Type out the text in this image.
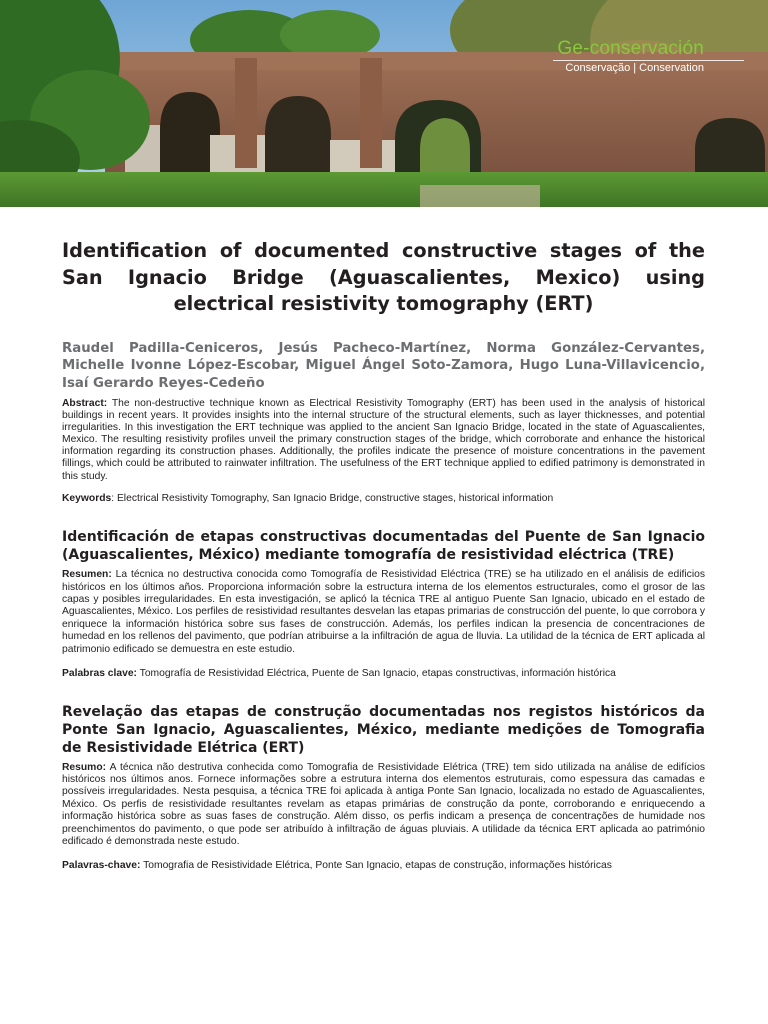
Ge-conservación
Conservação | Conservation
Identification of documented constructive stages of the San Ignacio Bridge (Aguascalientes, Mexico) using electrical resistivity tomography (ERT)
Raudel Padilla-Ceniceros, Jesús Pacheco-Martínez, Norma González-Cervantes, Michelle Ivonne López-Escobar, Miguel Ángel Soto-Zamora, Hugo Luna-Villavicencio, Isaí Gerardo Reyes-Cedeño

Abstract: The non-destructive technique known as Electrical Resistivity Tomography (ERT) has been used in the analysis of historical buildings in recent years. It provides insights into the internal structure of the structural elements, such as layer thicknesses, and potential irregularities. In this investigation the ERT technique was applied to the ancient San Ignacio Bridge, located in the state of Aguascalientes, Mexico. The resulting resistivity profiles unveil the primary construction stages of the bridge, which corroborate and enhance the historical information regarding its construction phases. Additionally, the profiles indicate the presence of moisture concentrations in the pavement fillings, which could be attributed to rainwater infiltration. The usefulness of the ERT technique applied to edified patrimony is demonstrated in this study.

Keywords: Electrical Resistivity Tomography, San Ignacio Bridge, constructive stages, historical information

Identificación de etapas constructivas documentadas del Puente de San Ignacio (Aguascalientes, México) mediante tomografía de resistividad eléctrica (TRE)

Resumen: La técnica no destructiva conocida como Tomografía de Resistividad Eléctrica (TRE) se ha utilizado en el análisis de edificios históricos en los últimos años. Proporciona información sobre la estructura interna de los elementos estructurales, como el grosor de las capas y posibles irregularidades. En esta investigación, se aplicó la técnica TRE al antiguo Puente San Ignacio, ubicado en el estado de Aguascalientes, México. Los perfiles de resistividad resultantes desvelan las etapas primarias de construcción del puente, lo que corrobora y enriquece la información histórica sobre sus fases de construcción. Además, los perfiles indican la presencia de concentraciones de humedad en los rellenos del pavimento, que podrían atribuirse a la infiltración de agua de lluvia. La utilidad de la técnica de ERT aplicada al patrimonio edificado se demuestra en este estudio.

Palabras clave: Tomografía de Resistividad Eléctrica, Puente de San Ignacio, etapas constructivas, información histórica

Revelação das etapas de construção documentadas nos registos históricos da Ponte San Ignacio, Aguascalientes, México, mediante medições de Tomografia de Resistividade Elétrica (ERT)

Resumo: A técnica não destrutiva conhecida como Tomografia de Resistividade Elétrica (TRE) tem sido utilizada na análise de edifícios históricos nos últimos anos. Fornece informações sobre a estrutura interna dos elementos estruturais, como espessura das camadas e possíveis irregularidades. Nesta pesquisa, a técnica TRE foi aplicada à antiga Ponte San Ignacio, localizada no estado de Aguascalientes, México. Os perfis de resistividade resultantes revelam as etapas primárias de construção da ponte, corroborando e enriquecendo a informação histórica sobre as suas fases de construção. Além disso, os perfis indicam a presença de concentrações de humidade nos preenchimentos do pavimento, o que pode ser atribuído à infiltração de águas pluviais. A utilidade da técnica ERT aplicada ao património edificado é demonstrada neste estudo.

Palavras-chave: Tomografia de Resistividade Elétrica, Ponte San Ignacio, etapas de construção, informações históricas
